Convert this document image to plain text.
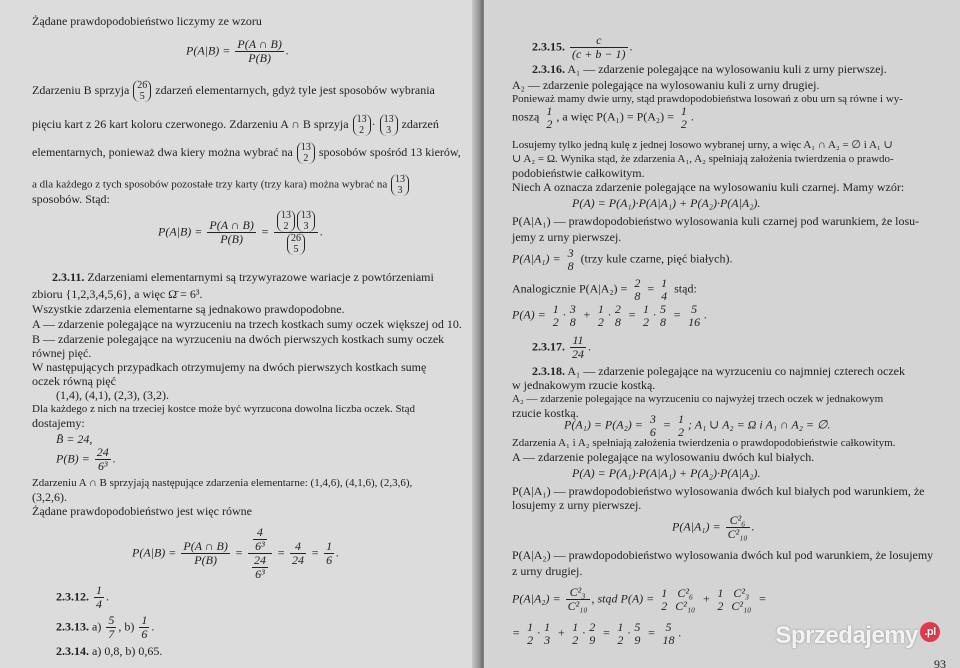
Żądane prawdopodobieństwo liczymy ze wzoru
$P(A|B) = \frac{P(A \cap B)}{P(B)}$ .
Zdarzeniu B sprzyja 26
5 zdarzeń elementarnych, gdyż tyle jest sposobów wybrania
pięciu kart z 26 kart koloru czerwonego. Zdarzeniu A ∩ B sprzyja 13
2 · 13
3 zdarzeń
elementarnych, ponieważ dwa kiery można wybrać na 13
2 sposobów spośród 13 kierów,
a dla każdego z tych sposobów pozostałe trzy karty (trzy kara) można wybrać na 13
3
sposobów. Stąd:
$P(A|B) = \frac{P(A \cap B)}{P(B)} = 13$
2
13
3
26
5 .
2.3.11. Zdarzeniami elementarnymi są trzywyrazowe wariacje z powtórzeniami
zbioru {1,2,3,4,5,6}, a więc Ω̄ = 6³.
Wszystkie zdarzenia elementarne są jednakowo prawdopodobne.
A — zdarzenie polegające na wyrzuceniu na trzech kostkach sumy oczek większej od 10.
B — zdarzenie polegające na wyrzuceniu na dwóch pierwszych kostkach sumy oczek
równej pięć.
W następujących przypadkach otrzymujemy na dwóch pierwszych kostkach sumę
oczek równą pięć
(1,4), (4,1), (2,3), (3,2).
Dla każdego z nich na trzeciej kostce może być wyrzucona dowolna liczba oczek. Stąd
dostajemy:
B̄ = 24,
$P(B) = \frac{24}{\text{6³}}$ .
Zdarzeniu A ∩ B sprzyjają następujące zdarzenia elementarne: (1,4,6), (4,1,6), (2,3,6),
(3,2,6).
Żądane prawdopodobieństwo jest więc równe
$P(A|B) = \frac{P(A \cap B)}{P(B)} = \frac{\frac{4}{\text{6³}}}{\frac{24}{\text{6³}}} = \frac{4}{24} = \frac{1}{6}$ .
2.3.12. $\frac{1}{4}$ .
2.3.13. $a) \frac{5}{7}$ , $b) \frac{1}{6}$ .
2.3.14. a) 0,8, b) 0,65.
2.3.15. $\frac{c}{(c + b - 1)}$ .
2.3.16. A₁ — zdarzenie polegające na wylosowaniu kuli z urny pierwszej.
A₂ — zdarzenie polegające na wylosowaniu kuli z urny drugiej.
Ponieważ mamy dwie urny, stąd prawdopodobieństwa losowań z obu urn są równe i wy-
noszą 1
2
, a więc P(A₁) = P(A₂) = 1
2
.
Losujemy tylko jedną kulę z jednej losowo wybranej urny, a więc A₁ ∩ A₂ = ∅ i A₁ ∪
∪ A₂ = Ω. Wynika stąd, że zdarzenia A₁, A₂ spełniają założenia twierdzenia o prawdo-
podobieństwie całkowitym.
Niech A oznacza zdarzenie polegające na wylosowaniu kuli czarnej. Mamy wzór:
P(A) = P(A₁)·P(A|A₁) + P(A₂)·P(A|A₂).
P(A|A₁) — prawdopodobieństwo wylosowania kuli czarnej pod warunkiem, że losu-
jemy z urny pierwszej.
P(A|A₁) = 3
8
(trzy kule czarne, pięć białych).
Analogicznie P(A|A₂) = 2
8
= 1
4
stąd:
P(A) = 1
2
· 3
8
+ 1
2
· 2
8
= 1
2
· 5
8
= 5
16
.
2.3.17. $\frac{11}{24}$ .
2.3.18. A₁ — zdarzenie polegające na wyrzuceniu co najmniej czterech oczek
w jednakowym rzucie kostką.
A₂ — zdarzenie polegające na wyrzuceniu co najwyżej trzech oczek w jednakowym
rzucie kostką.
P(A₁) = P(A₂) = 3
6
= 1
2
; A₁ ∪ A₂ = Ω i A₁ ∩ A₂ = ∅.
Zdarzenia A₁ i A₂ spełniają założenia twierdzenia o prawdopodobieństwie całkowitym.
A — zdarzenie polegające na wylosowaniu dwóch kul białych.
P(A) = P(A₁)·P(A|A₁) + P(A₂)·P(A|A₂).
P(A|A₁) — prawdopodobieństwo wylosowania dwóch kul białych pod warunkiem, że
losujemy z urny pierwszej.
$P(A|A_1) = \frac{\text{C²₆}}{\text{C²₁₀}}$ .
P(A|A₂) — prawdopodobieństwo wylosowania dwóch kul pod warunkiem, że losujemy
z urny drugiej.
$P(A|A_2) = \frac{\text{C²₃}}{\text{C²₁₀}}$ , stąd P(A) = 1
2
C²₆
C²₁₀
+ 1
2
C²₃
C²₁₀
=
= 1
2
· 1
3
+ 1
2
· 2
9
= 1
2
· 5
9
= 5
18
.
93
Sprzedajemy .pl
